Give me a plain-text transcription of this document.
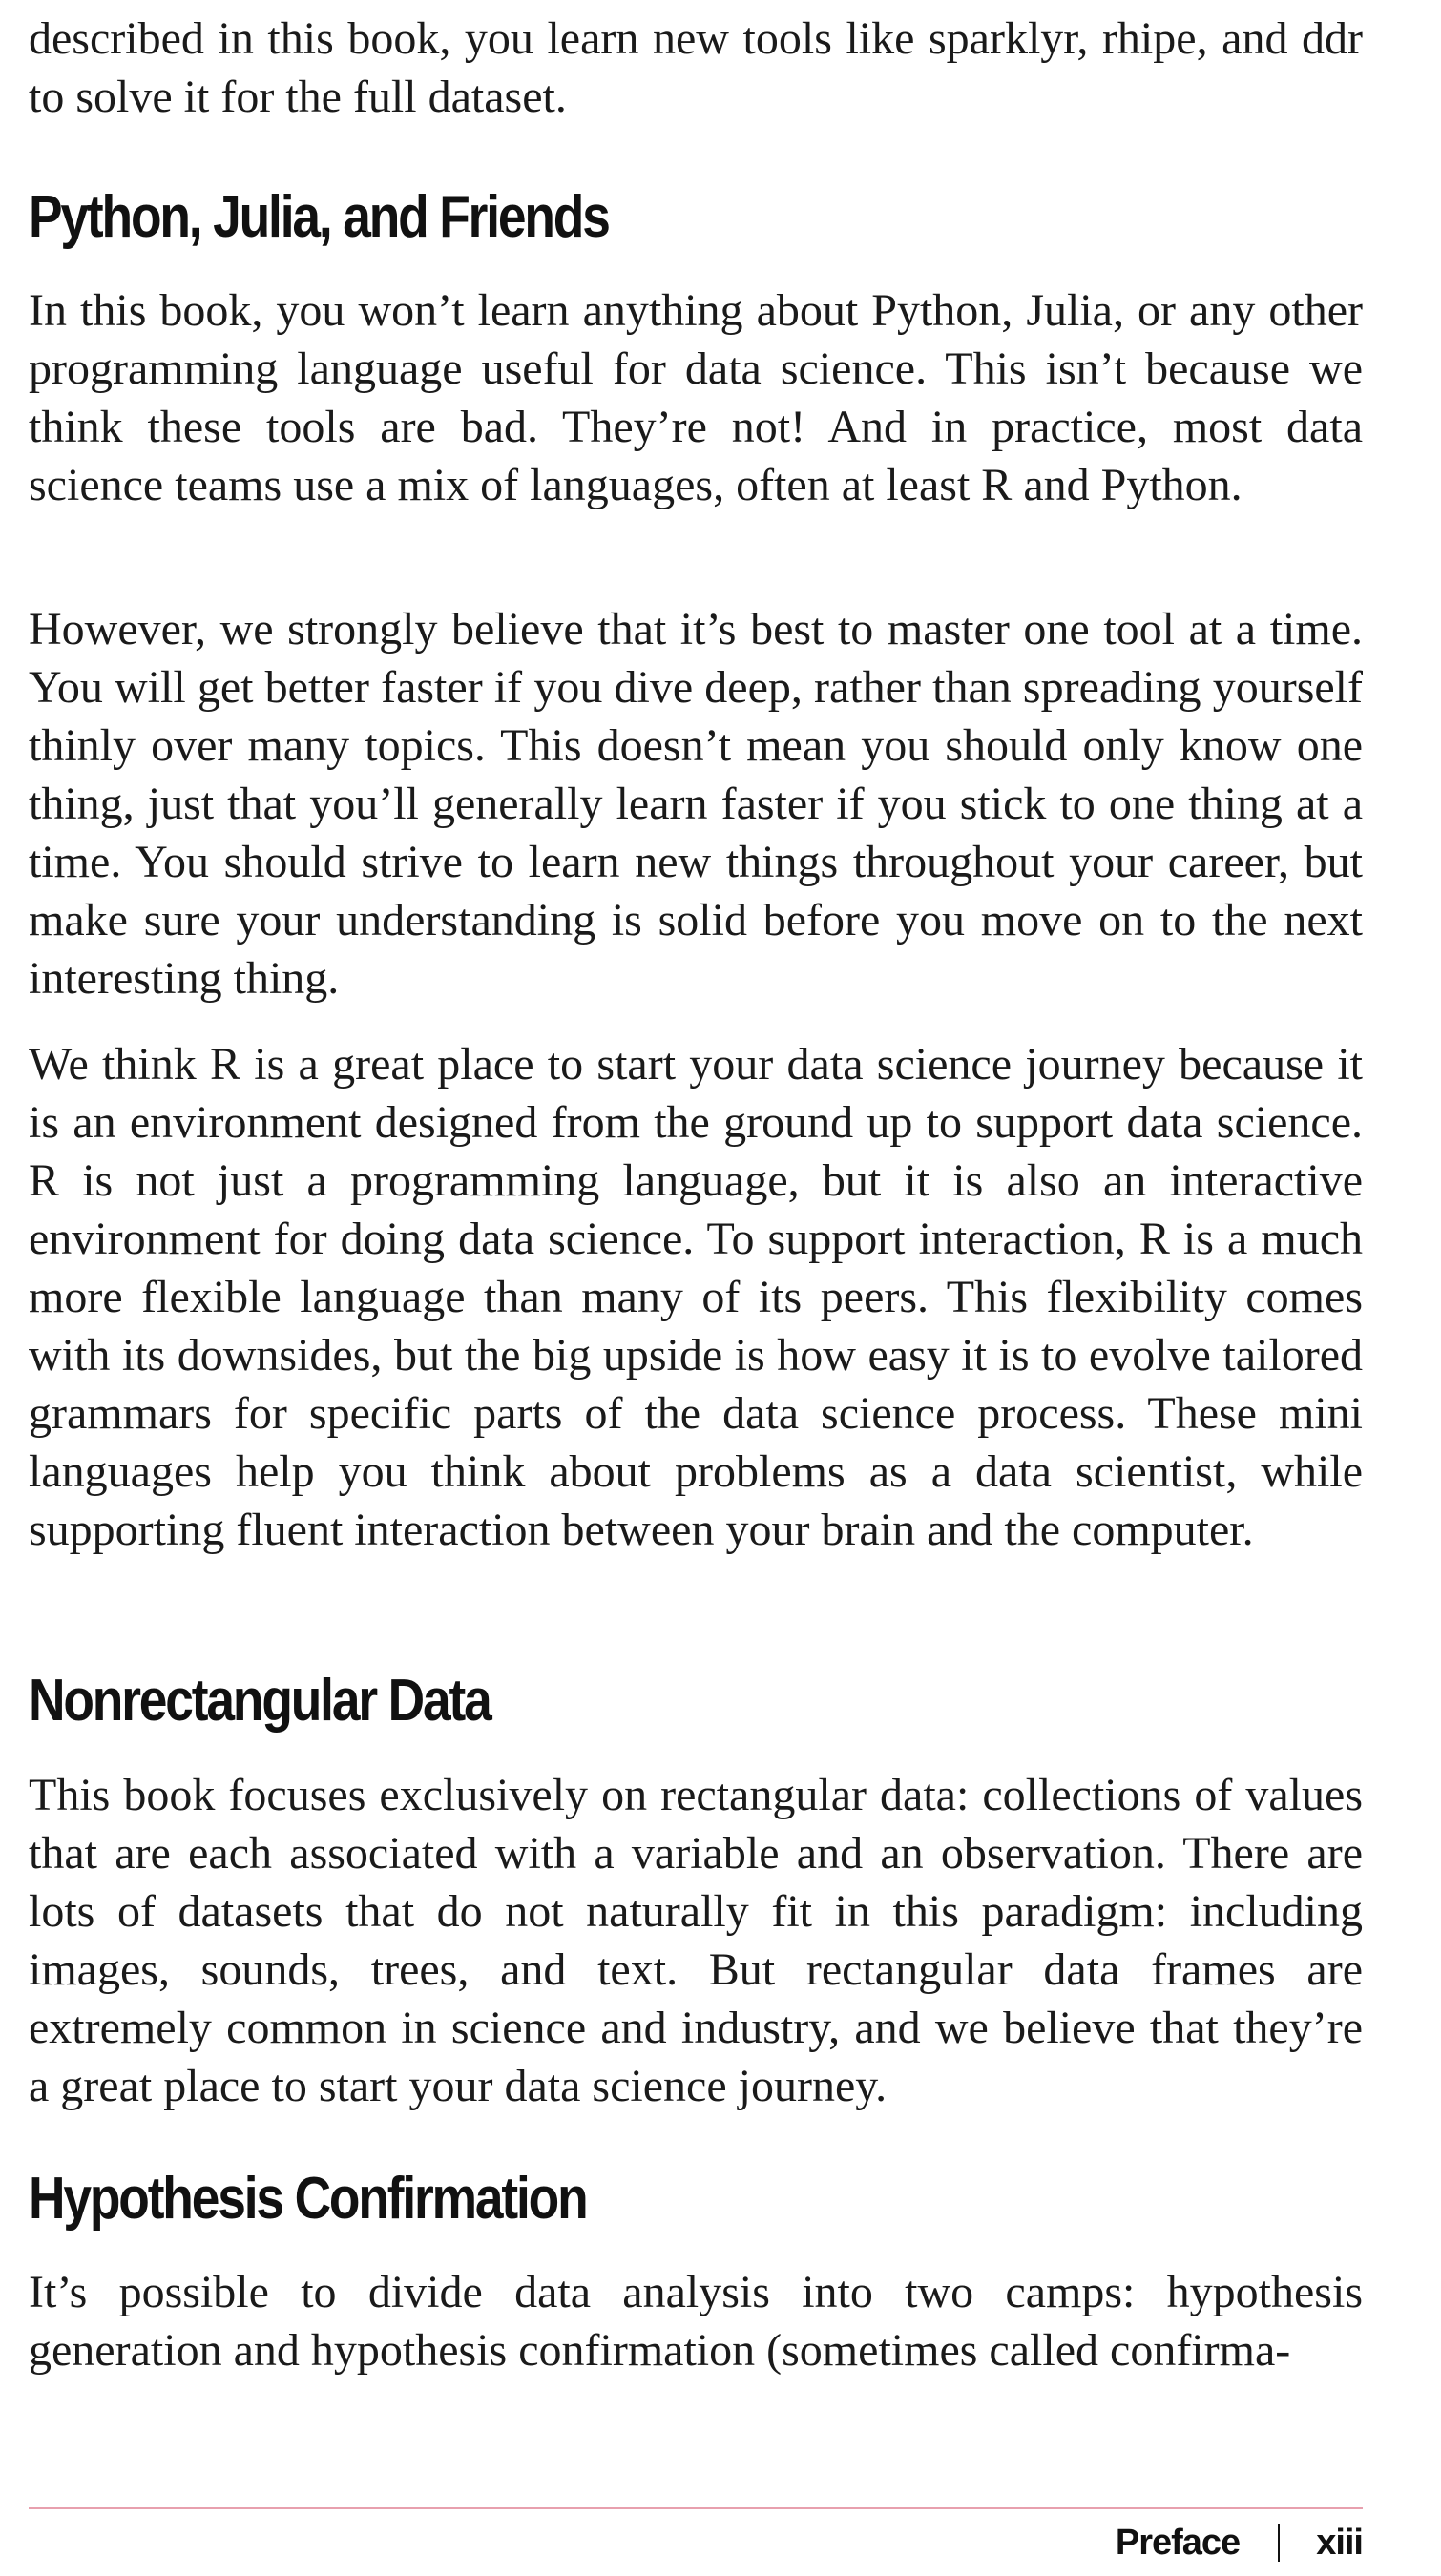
described in this book, you learn new tools like sparklyr, rhipe, and ddr to solve it for the full dataset.

Python, Julia, and Friends

In this book, you won’t learn anything about Python, Julia, or any other programming language useful for data science. This isn’t because we think these tools are bad. They’re not! And in practice, most data science teams use a mix of languages, often at least R and Python.

However, we strongly believe that it’s best to master one tool at a time. You will get better faster if you dive deep, rather than spreading yourself thinly over many topics. This doesn’t mean you should only know one thing, just that you’ll generally learn faster if you stick to one thing at a time. You should strive to learn new things throughout your career, but make sure your understanding is solid before you move on to the next interesting thing.

We think R is a great place to start your data science journey because it is an environment designed from the ground up to support data science. R is not just a programming language, but it is also an interactive environment for doing data science. To support interaction, R is a much more flexible language than many of its peers. This flexibility comes with its downsides, but the big upside is how easy it is to evolve tailored grammars for specific parts of the data science process. These mini languages help you think about problems as a data scientist, while supporting fluent interaction between your brain and the computer.

Nonrectangular Data

This book focuses exclusively on rectangular data: collections of values that are each associated with a variable and an observation. There are lots of datasets that do not naturally fit in this paradigm: including images, sounds, trees, and text. But rectangular data frames are extremely common in science and industry, and we believe that they’re a great place to start your data science journey.

Hypothesis Confirmation

It’s possible to divide data analysis into two camps: hypothesis generation and hypothesis confirmation (sometimes called confirma-

Preface xiii
